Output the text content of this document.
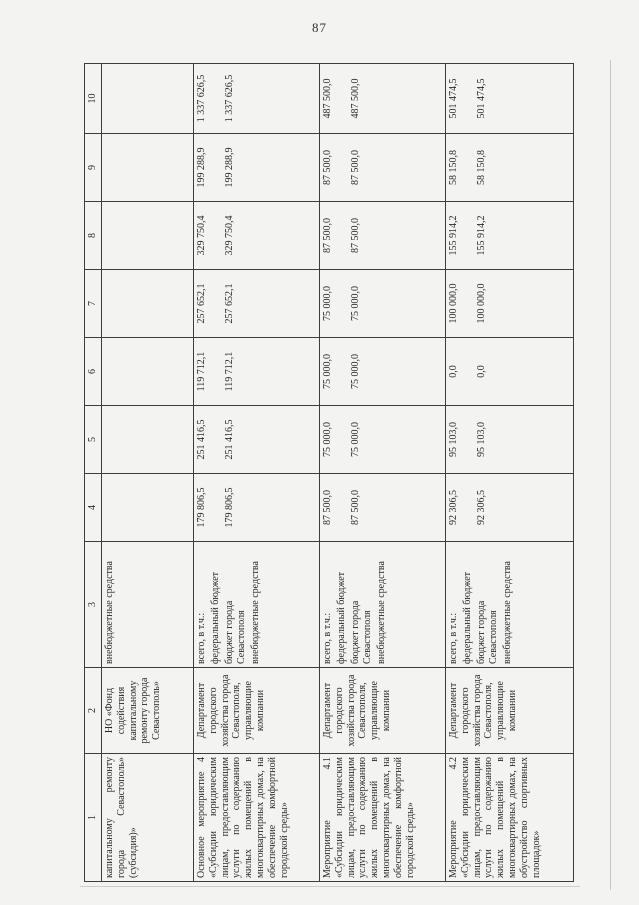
87
1	2	3	4	5	6	7	8	9	10
капитальному ремонту города Севастополь» (субсидия)»	НО «Фонд содействия капитальному ремонту города Севастополь»	внебюджетные средства							

Основное мероприятие 4 «Субсидии юридическим лицам, предоставляющим услуги по содержанию жилых помещений в многоквартирных домах, на обеспечение комфортной городской среды»	Департамент городского хозяйства города Севастополя, управляющие компании	всего, в т.ч.: федеральный бюджет бюджет города Севастополя внебюджетные средства	179 806,5 179 806,5	251 416,5 251 416,5	119 712,1 119 712,1	257 652,1 257 652,1	329 750,4 329 750,4	199 288,9 199 288,9	1 337 626,5 1 337 626,5

Мероприятие 4.1 «Субсидии юридическим лицам, предоставляющим услуги по содержанию жилых помещений в многоквартирных домах, на обеспечение комфортной городской среды»	Департамент городского хозяйства города Севастополя, управляющие компании	всего, в т.ч.: федеральный бюджет бюджет города Севастополя внебюджетные средства	87 500,0 87 500,0	75 000,0 75 000,0	75 000,0 75 000,0	75 000,0 75 000,0	87 500,0 87 500,0	87 500,0 87 500,0	487 500,0 487 500,0

Мероприятие 4.2 «Субсидии юридическим лицам, предоставляющим услуги по содержанию жилых помещений в многоквартирных домах, на обустройство спортивных площадок»	Департамент городского хозяйства города Севастополя, управляющие компании	всего, в т.ч.: федеральный бюджет бюджет города Севастополя внебюджетные средства	92 306,5 92 306,5	95 103,0 95 103,0	0,0 0,0	100 000,0 100 000,0	155 914,2 155 914,2	58 150,8 58 150,8	501 474,5 501 474,5
